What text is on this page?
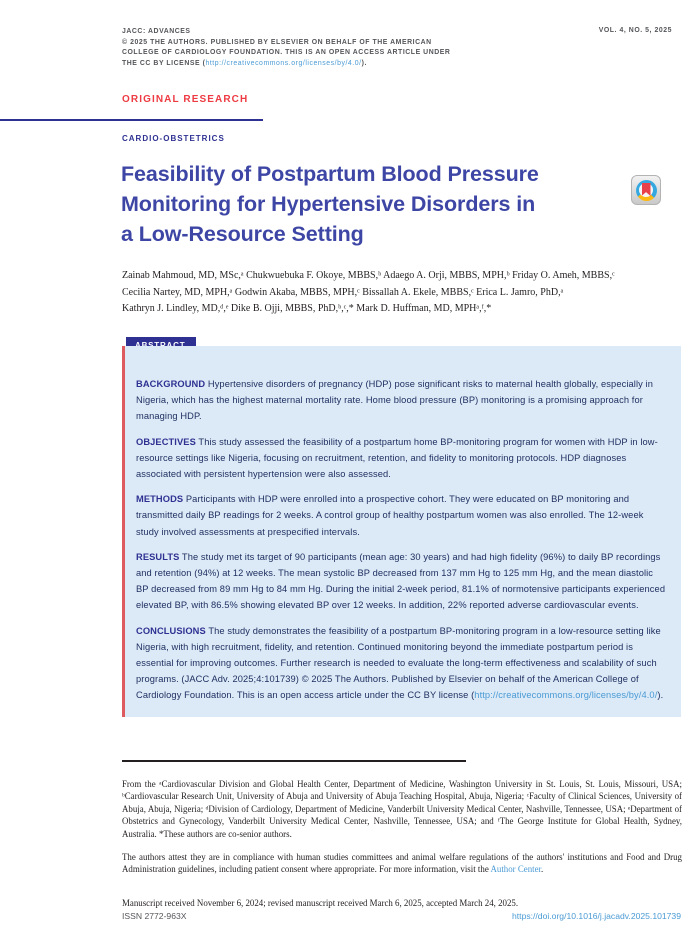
JACC: ADVANCES
© 2025 THE AUTHORS. PUBLISHED BY ELSEVIER ON BEHALF OF THE AMERICAN
COLLEGE OF CARDIOLOGY FOUNDATION. THIS IS AN OPEN ACCESS ARTICLE UNDER
THE CC BY LICENSE (http://creativecommons.org/licenses/by/4.0/).
VOL. 4, NO. 5, 2025
ORIGINAL RESEARCH
CARDIO-OBSTETRICS
Feasibility of Postpartum Blood Pressure
Monitoring for Hypertensive Disorders in
a Low-Resource Setting
Zainab Mahmoud, MD, MSc,ᵃ Chukwuebuka F. Okoye, MBBS,ᵇ Adaego A. Orji, MBBS, MPH,ᵇ Friday O. Ameh, MBBS,ᶜ
Cecilia Nartey, MD, MPH,ᵃ Godwin Akaba, MBBS, MPH,ᶜ Bissallah A. Ekele, MBBS,ᶜ Erica L. Jamro, PhD,ᵃ
Kathryn J. Lindley, MD,ᵈ,ᵉ Dike B. Ojji, MBBS, PhD,ᵇ,ᶜ,* Mark D. Huffman, MD, MPHᵃ,ᶠ,*

BACKGROUND Hypertensive disorders of pregnancy (HDP) pose significant risks to maternal health globally, especially in Nigeria, which has the highest maternal mortality rate. Home blood pressure (BP) monitoring is a promising approach for managing HDP.

OBJECTIVES This study assessed the feasibility of a postpartum home BP-monitoring program for women with HDP in low-resource settings like Nigeria, focusing on recruitment, retention, and fidelity to monitoring protocols. HDP diagnoses associated with persistent hypertension were also assessed.

METHODS Participants with HDP were enrolled into a prospective cohort. They were educated on BP monitoring and transmitted daily BP readings for 2 weeks. A control group of healthy postpartum women was also enrolled. The 12-week study involved assessments at prespecified intervals.

RESULTS The study met its target of 90 participants (mean age: 30 years) and had high fidelity (96%) to daily BP recordings and retention (94%) at 12 weeks. The mean systolic BP decreased from 137 mm Hg to 125 mm Hg, and the mean diastolic BP decreased from 89 mm Hg to 84 mm Hg. During the initial 2-week period, 81.1% of normotensive participants experienced elevated BP, with 86.5% showing elevated BP over 12 weeks. In addition, 22% reported adverse cardiovascular events.

CONCLUSIONS The study demonstrates the feasibility of a postpartum BP-monitoring program in a low-resource setting like Nigeria, with high recruitment, fidelity, and retention. Continued monitoring beyond the immediate postpartum period is essential for improving outcomes. Further research is needed to evaluate the long-term effectiveness and scalability of such programs. (JACC Adv. 2025;4:101739) © 2025 The Authors. Published by Elsevier on behalf of the American College of Cardiology Foundation. This is an open access article under the CC BY license (http://creativecommons.org/licenses/by/4.0/).

From the ᵃCardiovascular Division and Global Health Center, Department of Medicine, Washington University in St. Louis, St. Louis, Missouri, USA; ᵇCardiovascular Research Unit, University of Abuja and University of Abuja Teaching Hospital, Abuja, Nigeria; ᶜFaculty of Clinical Sciences, University of Abuja, Abuja, Nigeria; ᵈDivision of Cardiology, Department of Medicine, Vanderbilt University Medical Center, Nashville, Tennessee, USA; ᵉDepartment of Obstetrics and Gynecology, Vanderbilt University Medical Center, Nashville, Tennessee, USA; and ᶠThe George Institute for Global Health, Sydney, Australia. *These authors are co-senior authors.

The authors attest they are in compliance with human studies committees and animal welfare regulations of the authors' institutions and Food and Drug Administration guidelines, including patient consent where appropriate. For more information, visit the Author Center.

Manuscript received November 6, 2024; revised manuscript received March 6, 2025, accepted March 24, 2025.

ISSN 2772-963X	https://doi.org/10.1016/j.jacadv.2025.101739
